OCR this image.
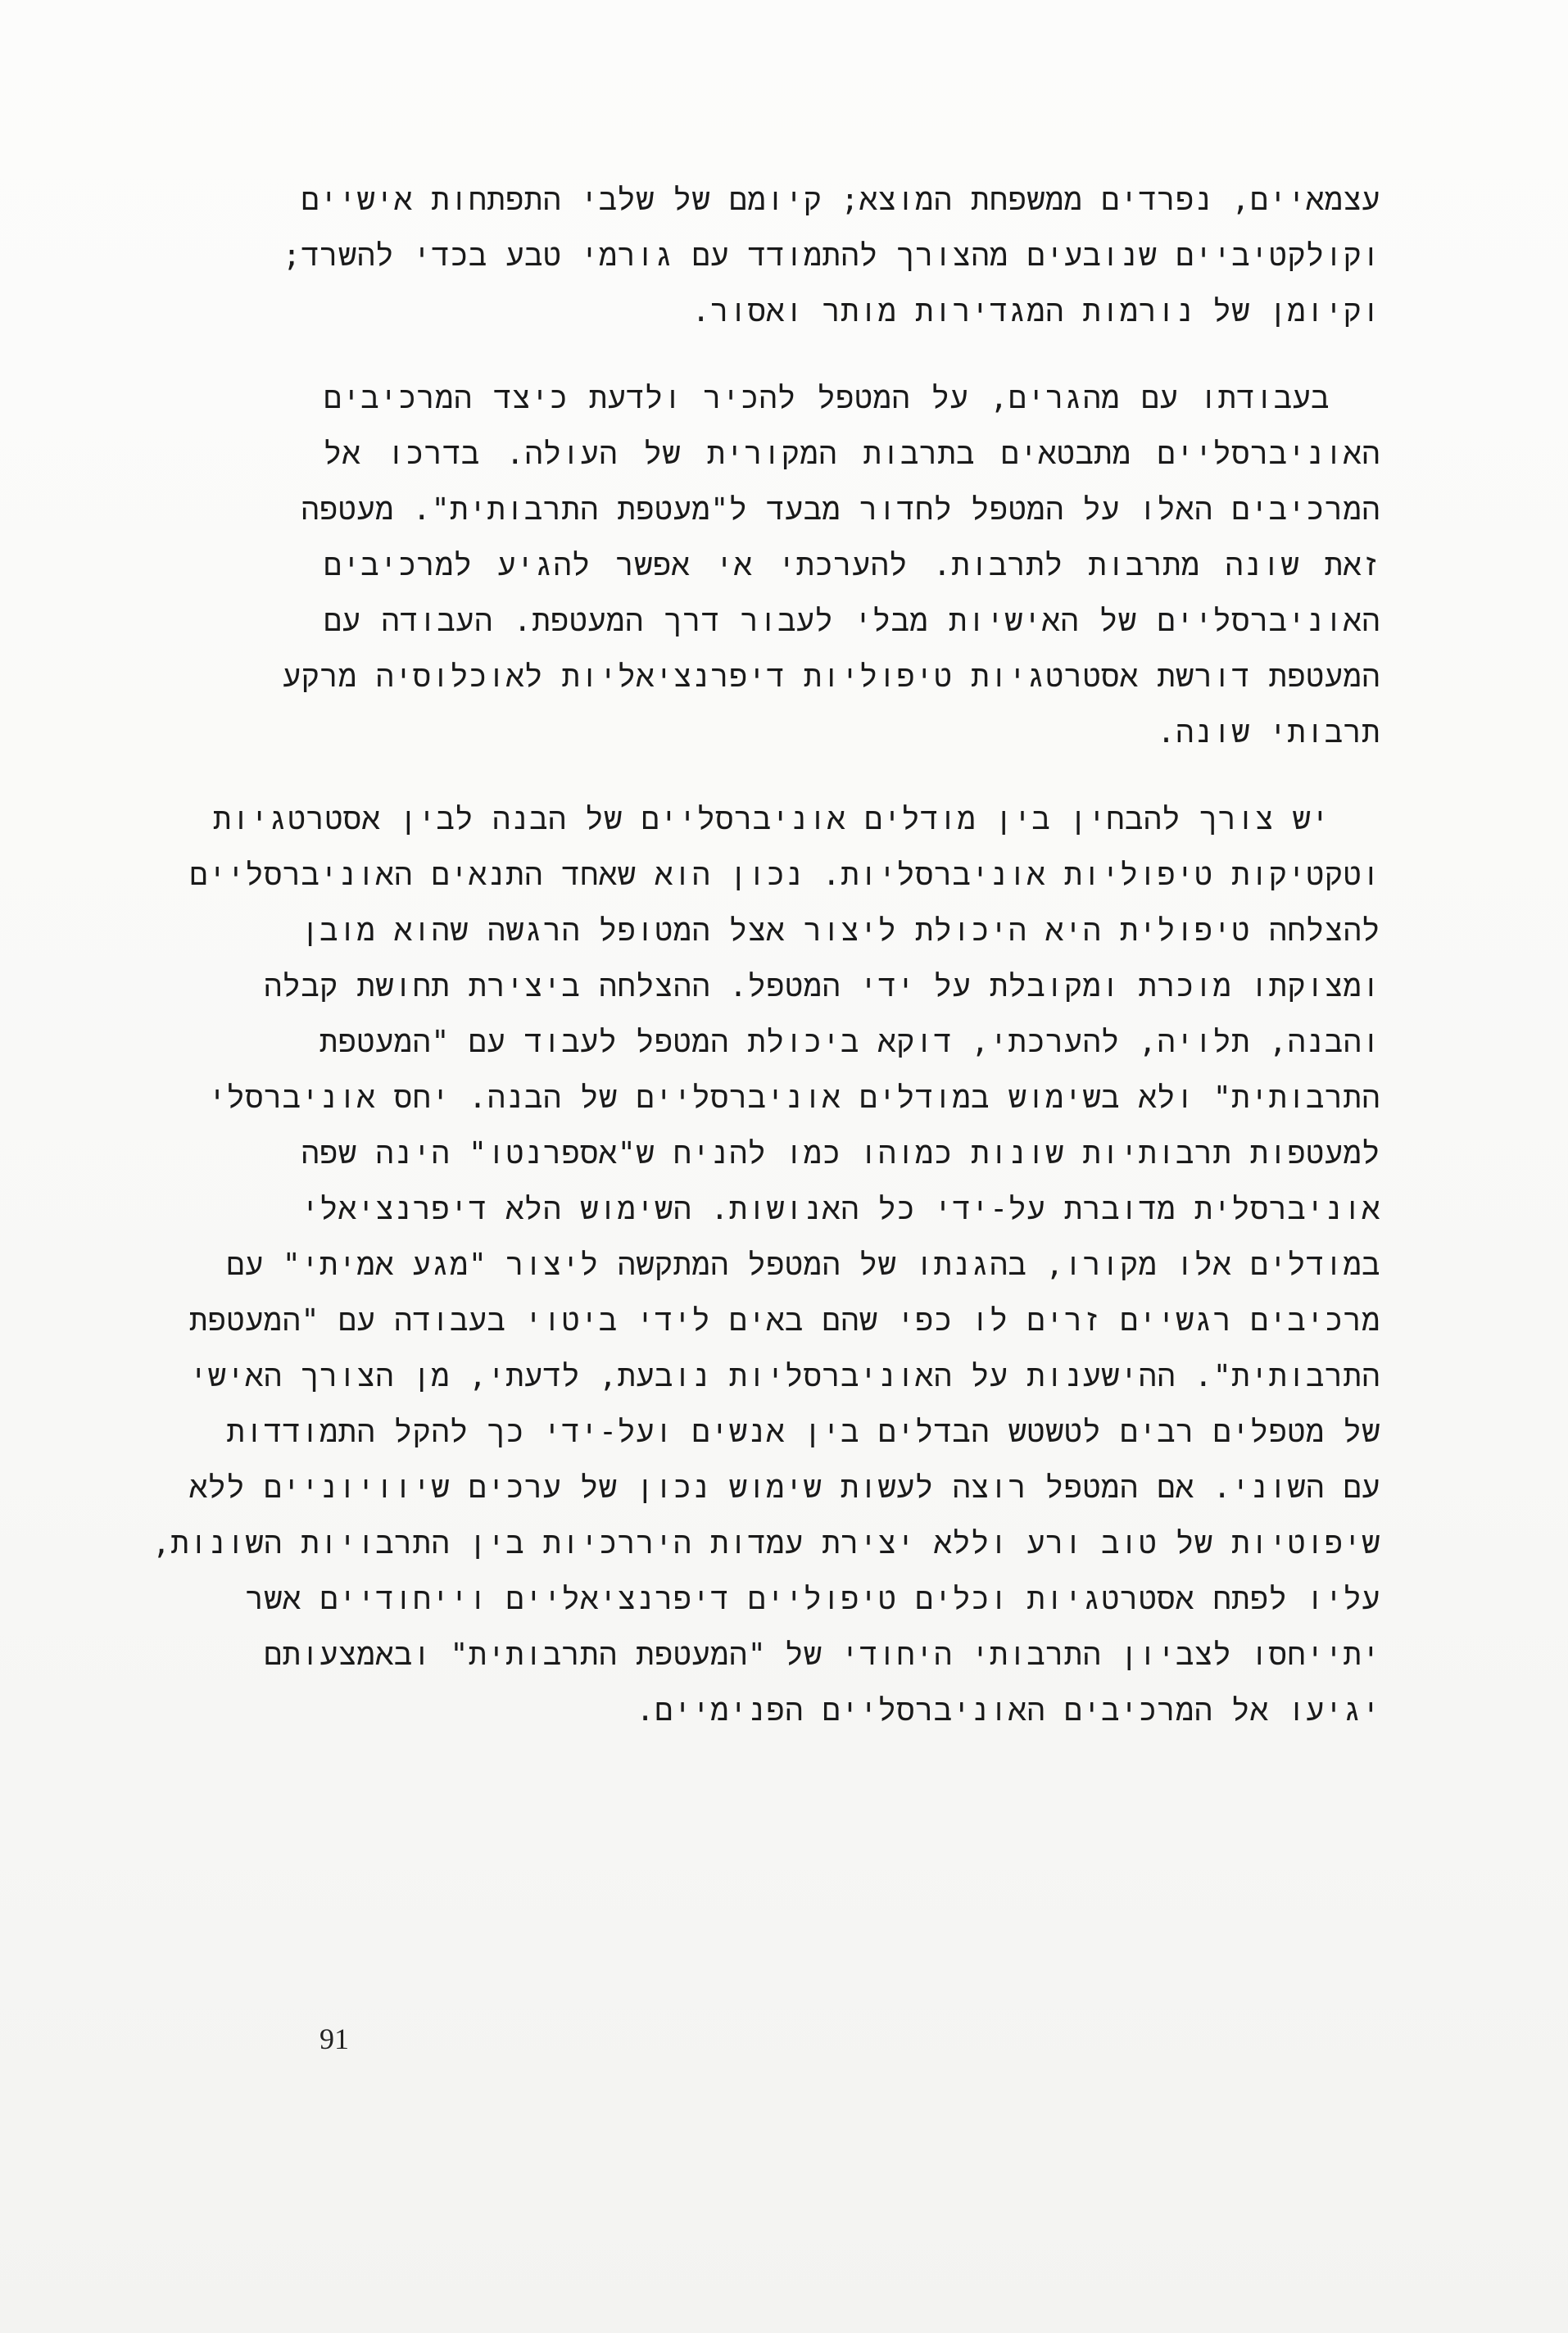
עצמאיים, נפרדים ממשפחת המוצא; קיומם של שלבי התפתחות אישיים
וקולקטיביים שנובעים מהצורך להתמודד עם גורמי טבע בכדי להשרד;
וקיומן של נורמות המגדירות מותר ואסור.

בעבודתו עם מהגרים, על המטפל להכיר ולדעת כיצד המרכיבים
האוניברסליים מתבטאים בתרבות המקורית של העולה. בדרכו אל
המרכיבים האלו על המטפל לחדור מבעד ל"מעטפת התרבותית". מעטפה
זאת שונה מתרבות לתרבות. להערכתי אי אפשר להגיע למרכיבים
האוניברסליים של האישיות מבלי לעבור דרך המעטפת. העבודה עם
המעטפת דורשת אסטרטגיות טיפוליות דיפרנציאליות לאוכלוסיה מרקע
תרבותי שונה.

יש צורך להבחין בין מודלים אוניברסליים של הבנה לבין אסטרטגיות
וטקטיקות טיפוליות אוניברסליות. נכון הוא שאחד התנאים האוניברסליים
להצלחה טיפולית היא היכולת ליצור אצל המטופל הרגשה שהוא מובן
ומצוקתו מוכרת ומקובלת על ידי המטפל. ההצלחה ביצירת תחושת קבלה
והבנה, תלויה, להערכתי, דוקא ביכולת המטפל לעבוד עם "המעטפת
התרבותית" ולא בשימוש במודלים אוניברסליים של הבנה. יחס אוניברסלי
למעטפות תרבותיות שונות כמוהו כמו להניח ש"אספרנטו" הינה שפה
אוניברסלית מדוברת על-ידי כל האנושות. השימוש הלא דיפרנציאלי
במודלים אלו מקורו, בהגנתו של המטפל המתקשה ליצור "מגע אמיתי" עם
מרכיבים רגשיים זרים לו כפי שהם באים לידי ביטוי בעבודה עם "המעטפת
התרבותית". ההישענות על האוניברסליות נובעת, לדעתי, מן הצורך האישי
של מטפלים רבים לטשטש הבדלים בין אנשים ועל-ידי כך להקל התמודדות
עם השוני. אם המטפל רוצה לעשות שימוש נכון של ערכים שיוויוניים ללא
שיפוטיות של טוב ורע וללא יצירת עמדות היררכיות בין התרבויות השונות,
עליו לפתח אסטרטגיות וכלים טיפוליים דיפרנציאליים וייחודיים אשר
יתייחסו לצביון התרבותי היחודי של "המעטפת התרבותית" ובאמצעותם
יגיעו אל המרכיבים האוניברסליים הפנימיים.

91
